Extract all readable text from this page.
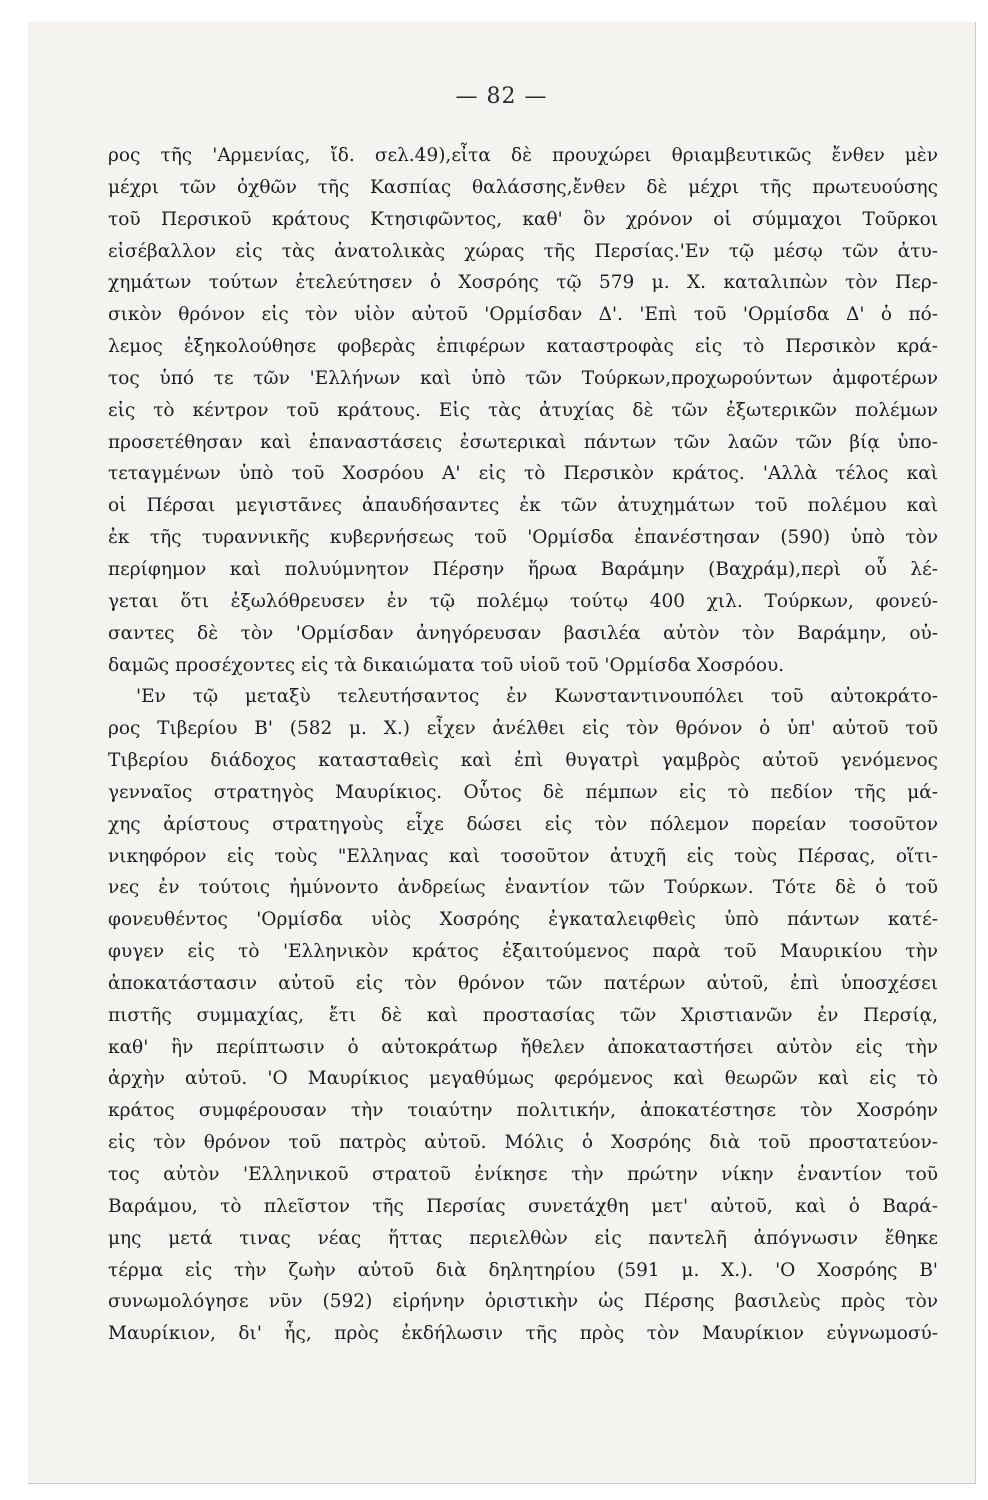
— 82 —
ρος τῆς 'Αρμενίας, ἴδ. σελ.49),εἶτα δὲ προυχώρει θριαμβευτικῶς ἔνθεν μὲν
μέχρι τῶν ὀχθῶν τῆς Κασπίας θαλάσσης,ἔνθεν δὲ μέχρι τῆς πρωτευούσης
τοῦ Περσικοῦ κράτους Κτησιφῶντος, καθ' ὃν χρόνον οἱ σύμμαχοι Τοῦρκοι
εἰσέβαλλον εἰς τὰς ἀνατολικὰς χώρας τῆς Περσίας.'Εν τῷ μέσῳ τῶν ἀτυ-
χημάτων τούτων ἐτελεύτησεν ὁ Χοσρόης τῷ 579 μ. Χ. καταλιπὼν τὸν Περ-
σικὸν θρόνον εἰς τὸν υἱὸν αὐτοῦ 'Ορμίσδαν Δ'. 'Επὶ τοῦ 'Ορμίσδα Δ' ὁ πό-
λεμος ἐξηκολούθησε φοβερὰς ἐπιφέρων καταστροφὰς εἰς τὸ Περσικὸν κρά-
τος ὑπό τε τῶν 'Ελλήνων καὶ ὑπὸ τῶν Τούρκων,προχωρούντων ἀμφοτέρων
εἰς τὸ κέντρον τοῦ κράτους. Εἰς τὰς ἀτυχίας δὲ τῶν ἐξωτερικῶν πολέμων
προσετέθησαν καὶ ἐπαναστάσεις ἐσωτερικαὶ πάντων τῶν λαῶν τῶν βίᾳ ὑπο-
τεταγμένων ὑπὸ τοῦ Χοσρόου Α' εἰς τὸ Περσικὸν κράτος. 'Αλλὰ τέλος καὶ
οἱ Πέρσαι μεγιστᾶνες ἀπαυδήσαντες ἐκ τῶν ἀτυχημάτων τοῦ πολέμου καὶ
ἐκ τῆς τυραννικῆς κυβερνήσεως τοῦ 'Ορμίσδα ἐπανέστησαν (590) ὑπὸ τὸν
περίφημον καὶ πολυύμνητον Πέρσην ἥρωα Βαράμην (Βαχράμ),περὶ οὗ λέ-
γεται ὅτι ἐξωλόθρευσεν ἐν τῷ πολέμῳ τούτῳ 400 χιλ. Τούρκων, φονεύ-
σαντες δὲ τὸν 'Ορμίσδαν ἀνηγόρευσαν βασιλέα αὐτὸν τὸν Βαράμην, οὐ-
δαμῶς προσέχοντες εἰς τὰ δικαιώματα τοῦ υἱοῦ τοῦ 'Ορμίσδα Χοσρόου.
'Εν τῷ μεταξὺ τελευτήσαντος ἐν Κωνσταντινουπόλει τοῦ αὐτοκράτο-
ρος Τιβερίου Β' (582 μ. Χ.) εἶχεν ἀνέλθει εἰς τὸν θρόνον ὁ ὑπ' αὐτοῦ τοῦ
Τιβερίου διάδοχος κατασταθεὶς καὶ ἐπὶ θυγατρὶ γαμβρὸς αὐτοῦ γενόμενος
γενναῖος στρατηγὸς Μαυρίκιος. Οὗτος δὲ πέμπων εἰς τὸ πεδίον τῆς μά-
χης ἀρίστους στρατηγοὺς εἶχε δώσει εἰς τὸν πόλεμον πορείαν τοσοῦτον
νικηφόρον εἰς τοὺς "Ελληνας καὶ τοσοῦτον ἀτυχῆ εἰς τοὺς Πέρσας, οἵτι-
νες ἐν τούτοις ἠμύνοντο ἀνδρείως ἐναντίον τῶν Τούρκων. Τότε δὲ ὁ τοῦ
φονευθέντος 'Ορμίσδα υἱὸς Χοσρόης ἐγκαταλειφθεὶς ὑπὸ πάντων κατέ-
φυγεν εἰς τὸ 'Ελληνικὸν κράτος ἐξαιτούμενος παρὰ τοῦ Μαυρικίου τὴν
ἀποκατάστασιν αὐτοῦ εἰς τὸν θρόνον τῶν πατέρων αὐτοῦ, ἐπὶ ὑποσχέσει
πιστῆς συμμαχίας, ἔτι δὲ καὶ προστασίας τῶν Χριστιανῶν ἐν Περσίᾳ,
καθ' ἣν περίπτωσιν ὁ αὐτοκράτωρ ἤθελεν ἀποκαταστήσει αὐτὸν εἰς τὴν
ἀρχὴν αὐτοῦ. 'Ο Μαυρίκιος μεγαθύμως φερόμενος καὶ θεωρῶν καὶ εἰς τὸ
κράτος συμφέρουσαν τὴν τοιαύτην πολιτικήν, ἀποκατέστησε τὸν Χοσρόην
εἰς τὸν θρόνον τοῦ πατρὸς αὐτοῦ. Μόλις ὁ Χοσρόης διὰ τοῦ προστατεύον-
τος αὐτὸν 'Ελληνικοῦ στρατοῦ ἐνίκησε τὴν πρώτην νίκην ἐναντίον τοῦ
Βαράμου, τὸ πλεῖστον τῆς Περσίας συνετάχθη μετ' αὐτοῦ, καὶ ὁ Βαρά-
μης μετά τινας νέας ἥττας περιελθὼν εἰς παντελῆ ἀπόγνωσιν ἔθηκε
τέρμα εἰς τὴν ζωὴν αὐτοῦ διὰ δηλητηρίου (591 μ. Χ.). 'Ο Χοσρόης Β'
συνωμολόγησε νῦν (592) εἰρήνην ὁριστικὴν ὡς Πέρσης βασιλεὺς πρὸς τὸν
Μαυρίκιον, δι' ἧς, πρὸς ἐκδήλωσιν τῆς πρὸς τὸν Μαυρίκιον εὐγνωμοσύ-
